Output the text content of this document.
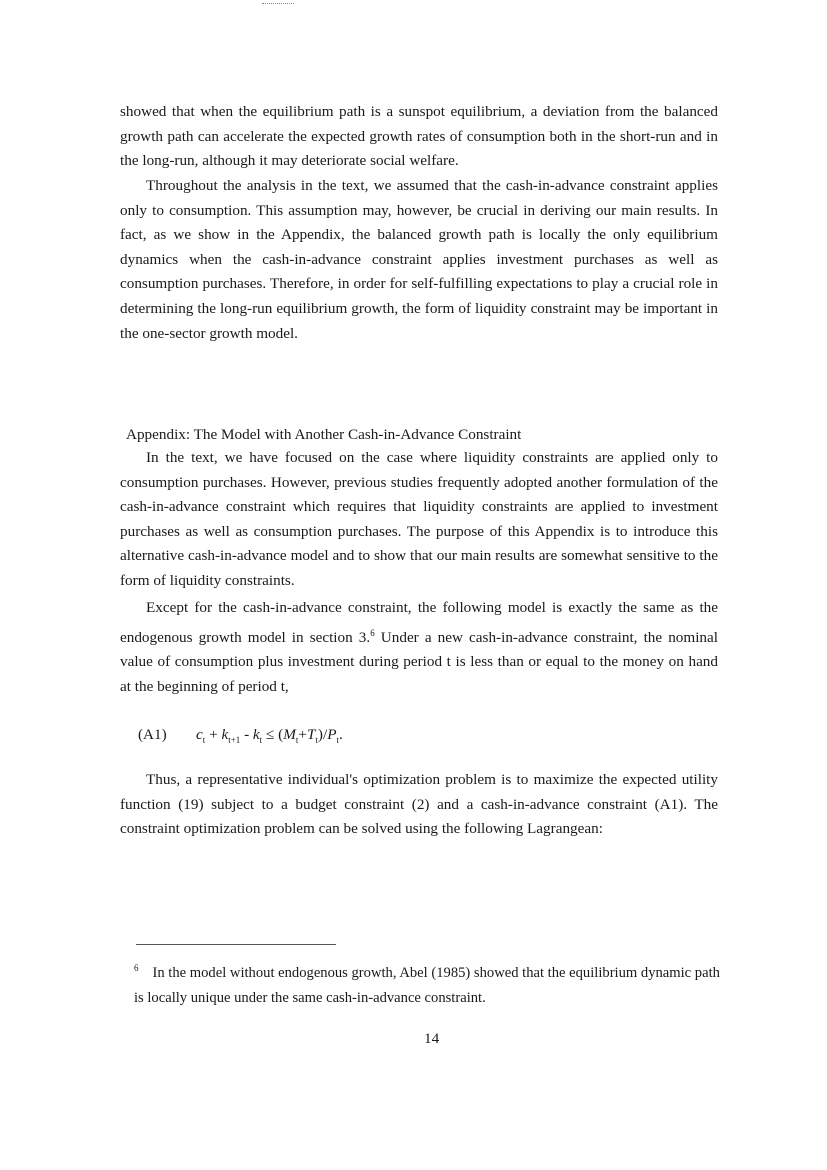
showed that when the equilibrium path is a sunspot equilibrium, a deviation from the balanced growth path can accelerate the expected growth rates of consumption both in the short-run and in the long-run, although it may deteriorate social welfare.

Throughout the analysis in the text, we assumed that the cash-in-advance constraint applies only to consumption. This assumption may, however, be crucial in deriving our main results. In fact, as we show in the Appendix, the balanced growth path is locally the only equilibrium dynamics when the cash-in-advance constraint applies investment purchases as well as consumption purchases. Therefore, in order for self-fulfilling expectations to play a crucial role in determining the long-run equilibrium growth, the form of liquidity constraint may be important in the one-sector growth model.

Appendix: The Model with Another Cash-in-Advance Constraint

In the text, we have focused on the case where liquidity constraints are applied only to consumption purchases. However, previous studies frequently adopted another formulation of the cash-in-advance constraint which requires that liquidity constraints are applied to investment purchases as well as consumption purchases. The purpose of this Appendix is to introduce this alternative cash-in-advance model and to show that our main results are somewhat sensitive to the form of liquidity constraints.

Except for the cash-in-advance constraint, the following model is exactly the same as the endogenous growth model in section 3.$^6$ Under a new cash-in-advance constraint, the nominal value of consumption plus investment during period t is less than or equal to the money on hand at the beginning of period t,

(A1) $c_t + k_{t+1} - k_t \le (M_t+T_t)/P_t$.

Thus, a representative individual's optimization problem is to maximize the expected utility function (19) subject to a budget constraint (2) and a cash-in-advance constraint (A1). The constraint optimization problem can be solved using the following Lagrangean:

$^6$ In the model without endogenous growth, Abel (1985) showed that the equilibrium dynamic path is locally unique under the same cash-in-advance constraint.

14
